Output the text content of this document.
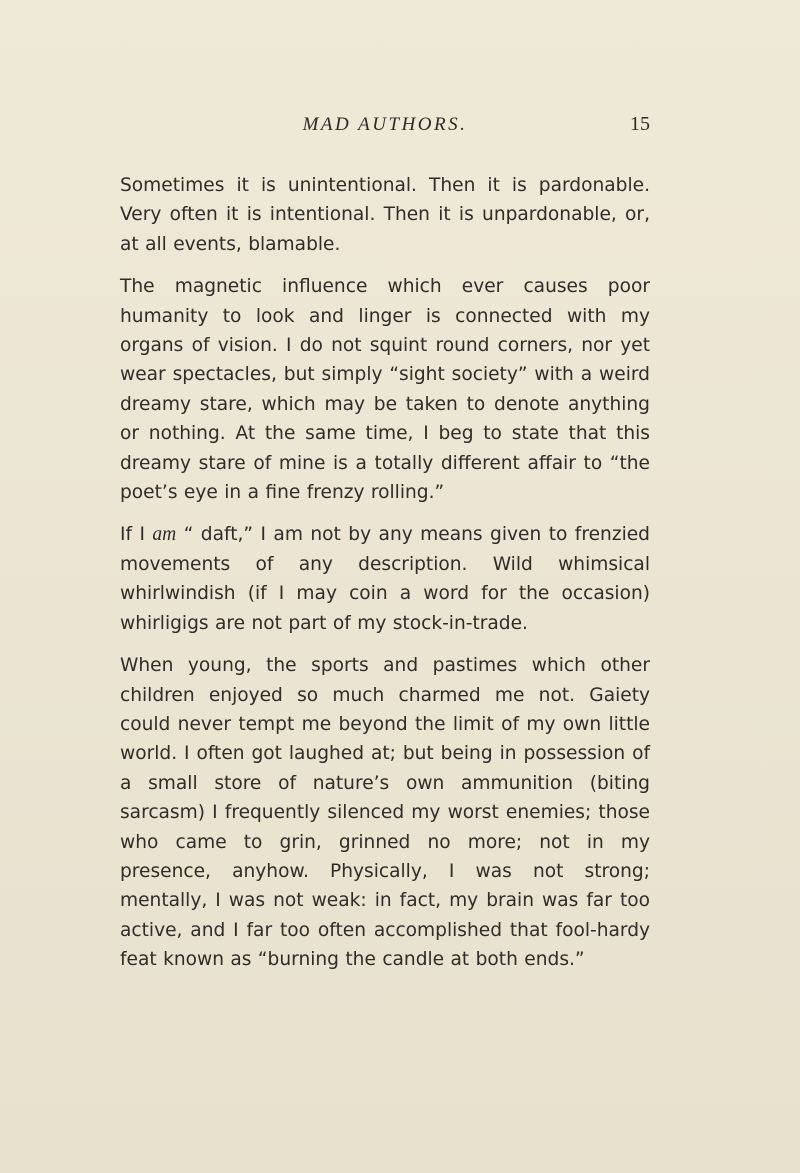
MAD AUTHORS.	15

Sometimes it is unintentional. Then it is pardonable. Very often it is intentional. Then it is unpardonable, or, at all events, blamable.

The magnetic influence which ever causes poor humanity to look and linger is connected with my organs of vision. I do not squint round corners, nor yet wear spectacles, but simply “sight society” with a weird dreamy stare, which may be taken to denote anything or nothing. At the same time, I beg to state that this dreamy stare of mine is a totally different affair to “the poet’s eye in a fine frenzy rolling.”

If I am “ daft,” I am not by any means given to frenzied movements of any description. Wild whimsical whirlwindish (if I may coin a word for the occasion) whirligigs are not part of my stock-in-trade.

When young, the sports and pastimes which other children enjoyed so much charmed me not. Gaiety could never tempt me beyond the limit of my own little world. I often got laughed at; but being in possession of a small store of nature’s own ammunition (biting sarcasm) I frequently silenced my worst enemies; those who came to grin, grinned no more; not in my presence, anyhow. Physically, I was not strong; mentally, I was not weak: in fact, my brain was far too active, and I far too often accomplished that fool-hardy feat known as “burning the candle at both ends.”
